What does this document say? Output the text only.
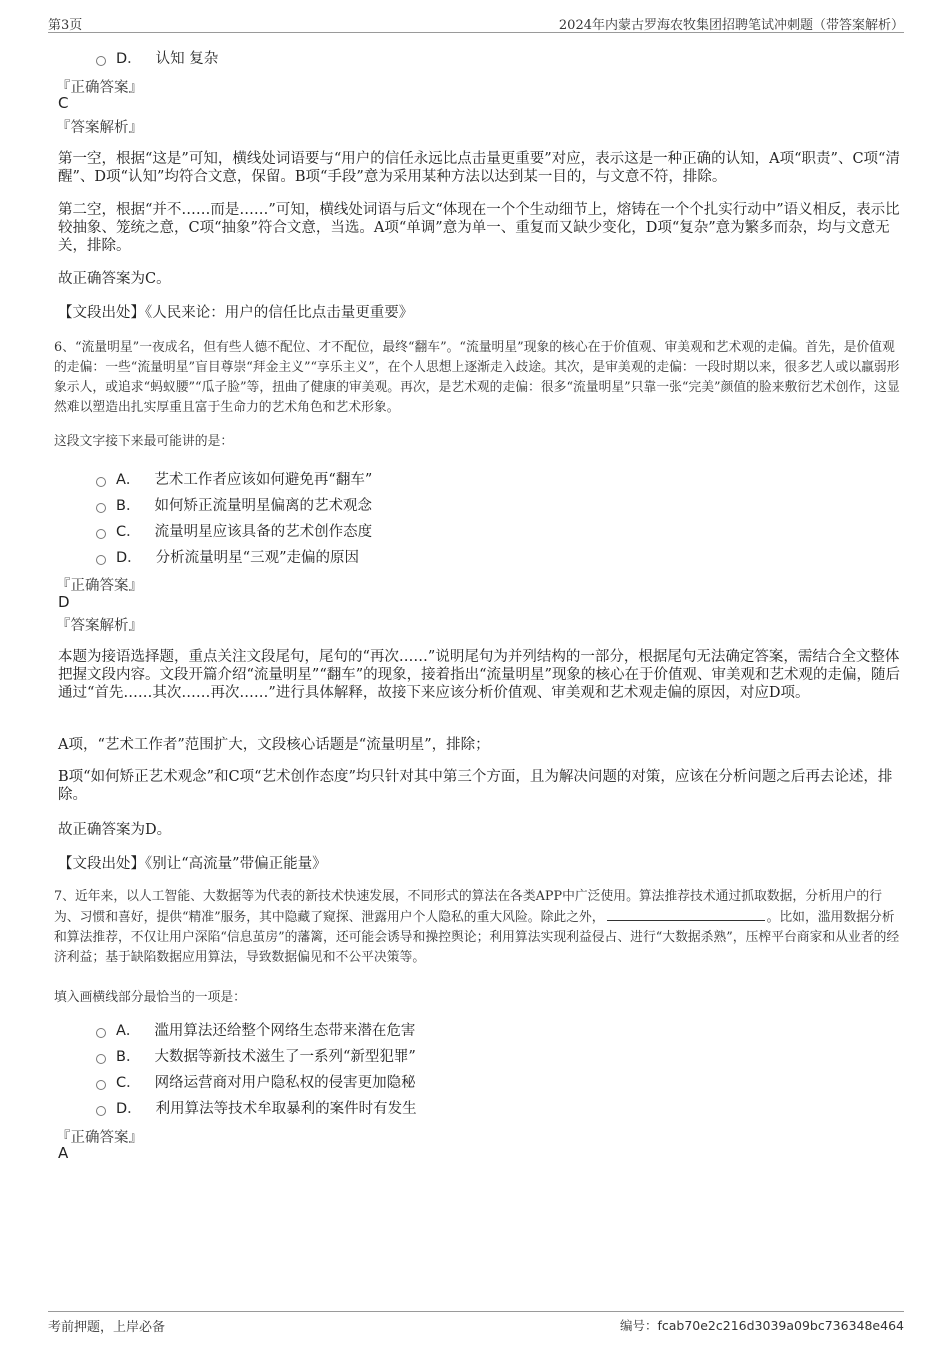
第3页	2024年内蒙古罗海农牧集团招聘笔试冲刺题（带答案解析）
D． 认知 复杂
『正确答案』
C
『答案解析』
第一空，根据“这是”可知，横线处词语要与“用户的信任永远比点击量更重要”对应，表示这是一种正确的认知，A项“职责”、C项“清醒”、D项“认知”均符合文意，保留。B项“手段”意为采用某种方法以达到某一目的，与文意不符，排除。
第二空，根据“并不……而是……”可知，横线处词语与后文“体现在一个个生动细节上，熔铸在一个个扎实行动中”语义相反，表示比较抽象、笼统之意，C项“抽象”符合文意，当选。A项“单调”意为单一、重复而又缺少变化，D项“复杂”意为繁多而杂，均与文意无关，排除。
故正确答案为C。
【文段出处】《人民来论：用户的信任比点击量更重要》
6、“流量明星”一夜成名，但有些人德不配位、才不配位，最终“翻车”。“流量明星”现象的核心在于价值观、审美观和艺术观的走偏。首先，是价值观的走偏：一些“流量明星”盲目尊崇“拜金主义”“享乐主义”，在个人思想上逐渐走入歧途。其次，是审美观的走偏：一段时期以来，很多艺人或以羸弱形象示人，或追求“蚂蚁腰”“瓜子脸”等，扭曲了健康的审美观。再次，是艺术观的走偏：很多“流量明星”只靠一张“完美”颜值的脸来敷衍艺术创作，这显然难以塑造出扎实厚重且富于生命力的艺术角色和艺术形象。
这段文字接下来最可能讲的是：
A． 艺术工作者应该如何避免再“翻车”
B． 如何矫正流量明星偏离的艺术观念
C． 流量明星应该具备的艺术创作态度
D． 分析流量明星“三观”走偏的原因
『正确答案』
D
『答案解析』
本题为接语选择题，重点关注文段尾句，尾句的“再次……”说明尾句为并列结构的一部分，根据尾句无法确定答案，需结合全文整体把握文段内容。文段开篇介绍“流量明星”“翻车”的现象，接着指出“流量明星”现象的核心在于价值观、审美观和艺术观的走偏，随后通过“首先……其次……再次……”进行具体解释，故接下来应该分析价值观、审美观和艺术观走偏的原因，对应D项。
A项，“艺术工作者”范围扩大，文段核心话题是“流量明星”，排除；
B项“如何矫正艺术观念”和C项“艺术创作态度”均只针对其中第三个方面，且为解决问题的对策，应该在分析问题之后再去论述，排除。
故正确答案为D。
【文段出处】《别让“高流量”带偏正能量》
7、近年来，以人工智能、大数据等为代表的新技术快速发展，不同形式的算法在各类APP中广泛使用。算法推荐技术通过抓取数据，分析用户的行为、习惯和喜好，提供“精准”服务，其中隐藏了窥探、泄露用户个人隐私的重大风险。除此之外，	。比如，滥用数据分析和算法推荐，不仅让用户深陷“信息茧房”的藩篱，还可能会诱导和操控舆论；利用算法实现利益侵占、进行“大数据杀熟”，压榨平台商家和从业者的经济利益；基于缺陷数据应用算法，导致数据偏见和不公平决策等。
填入画横线部分最恰当的一项是：
A． 滥用算法还给整个网络生态带来潜在危害
B． 大数据等新技术滋生了一系列“新型犯罪”
C． 网络运营商对用户隐私权的侵害更加隐秘
D． 利用算法等技术牟取暴利的案件时有发生
『正确答案』
A
考前押题，上岸必备	编号：fcab70e2c216d3039a09bc736348e464
